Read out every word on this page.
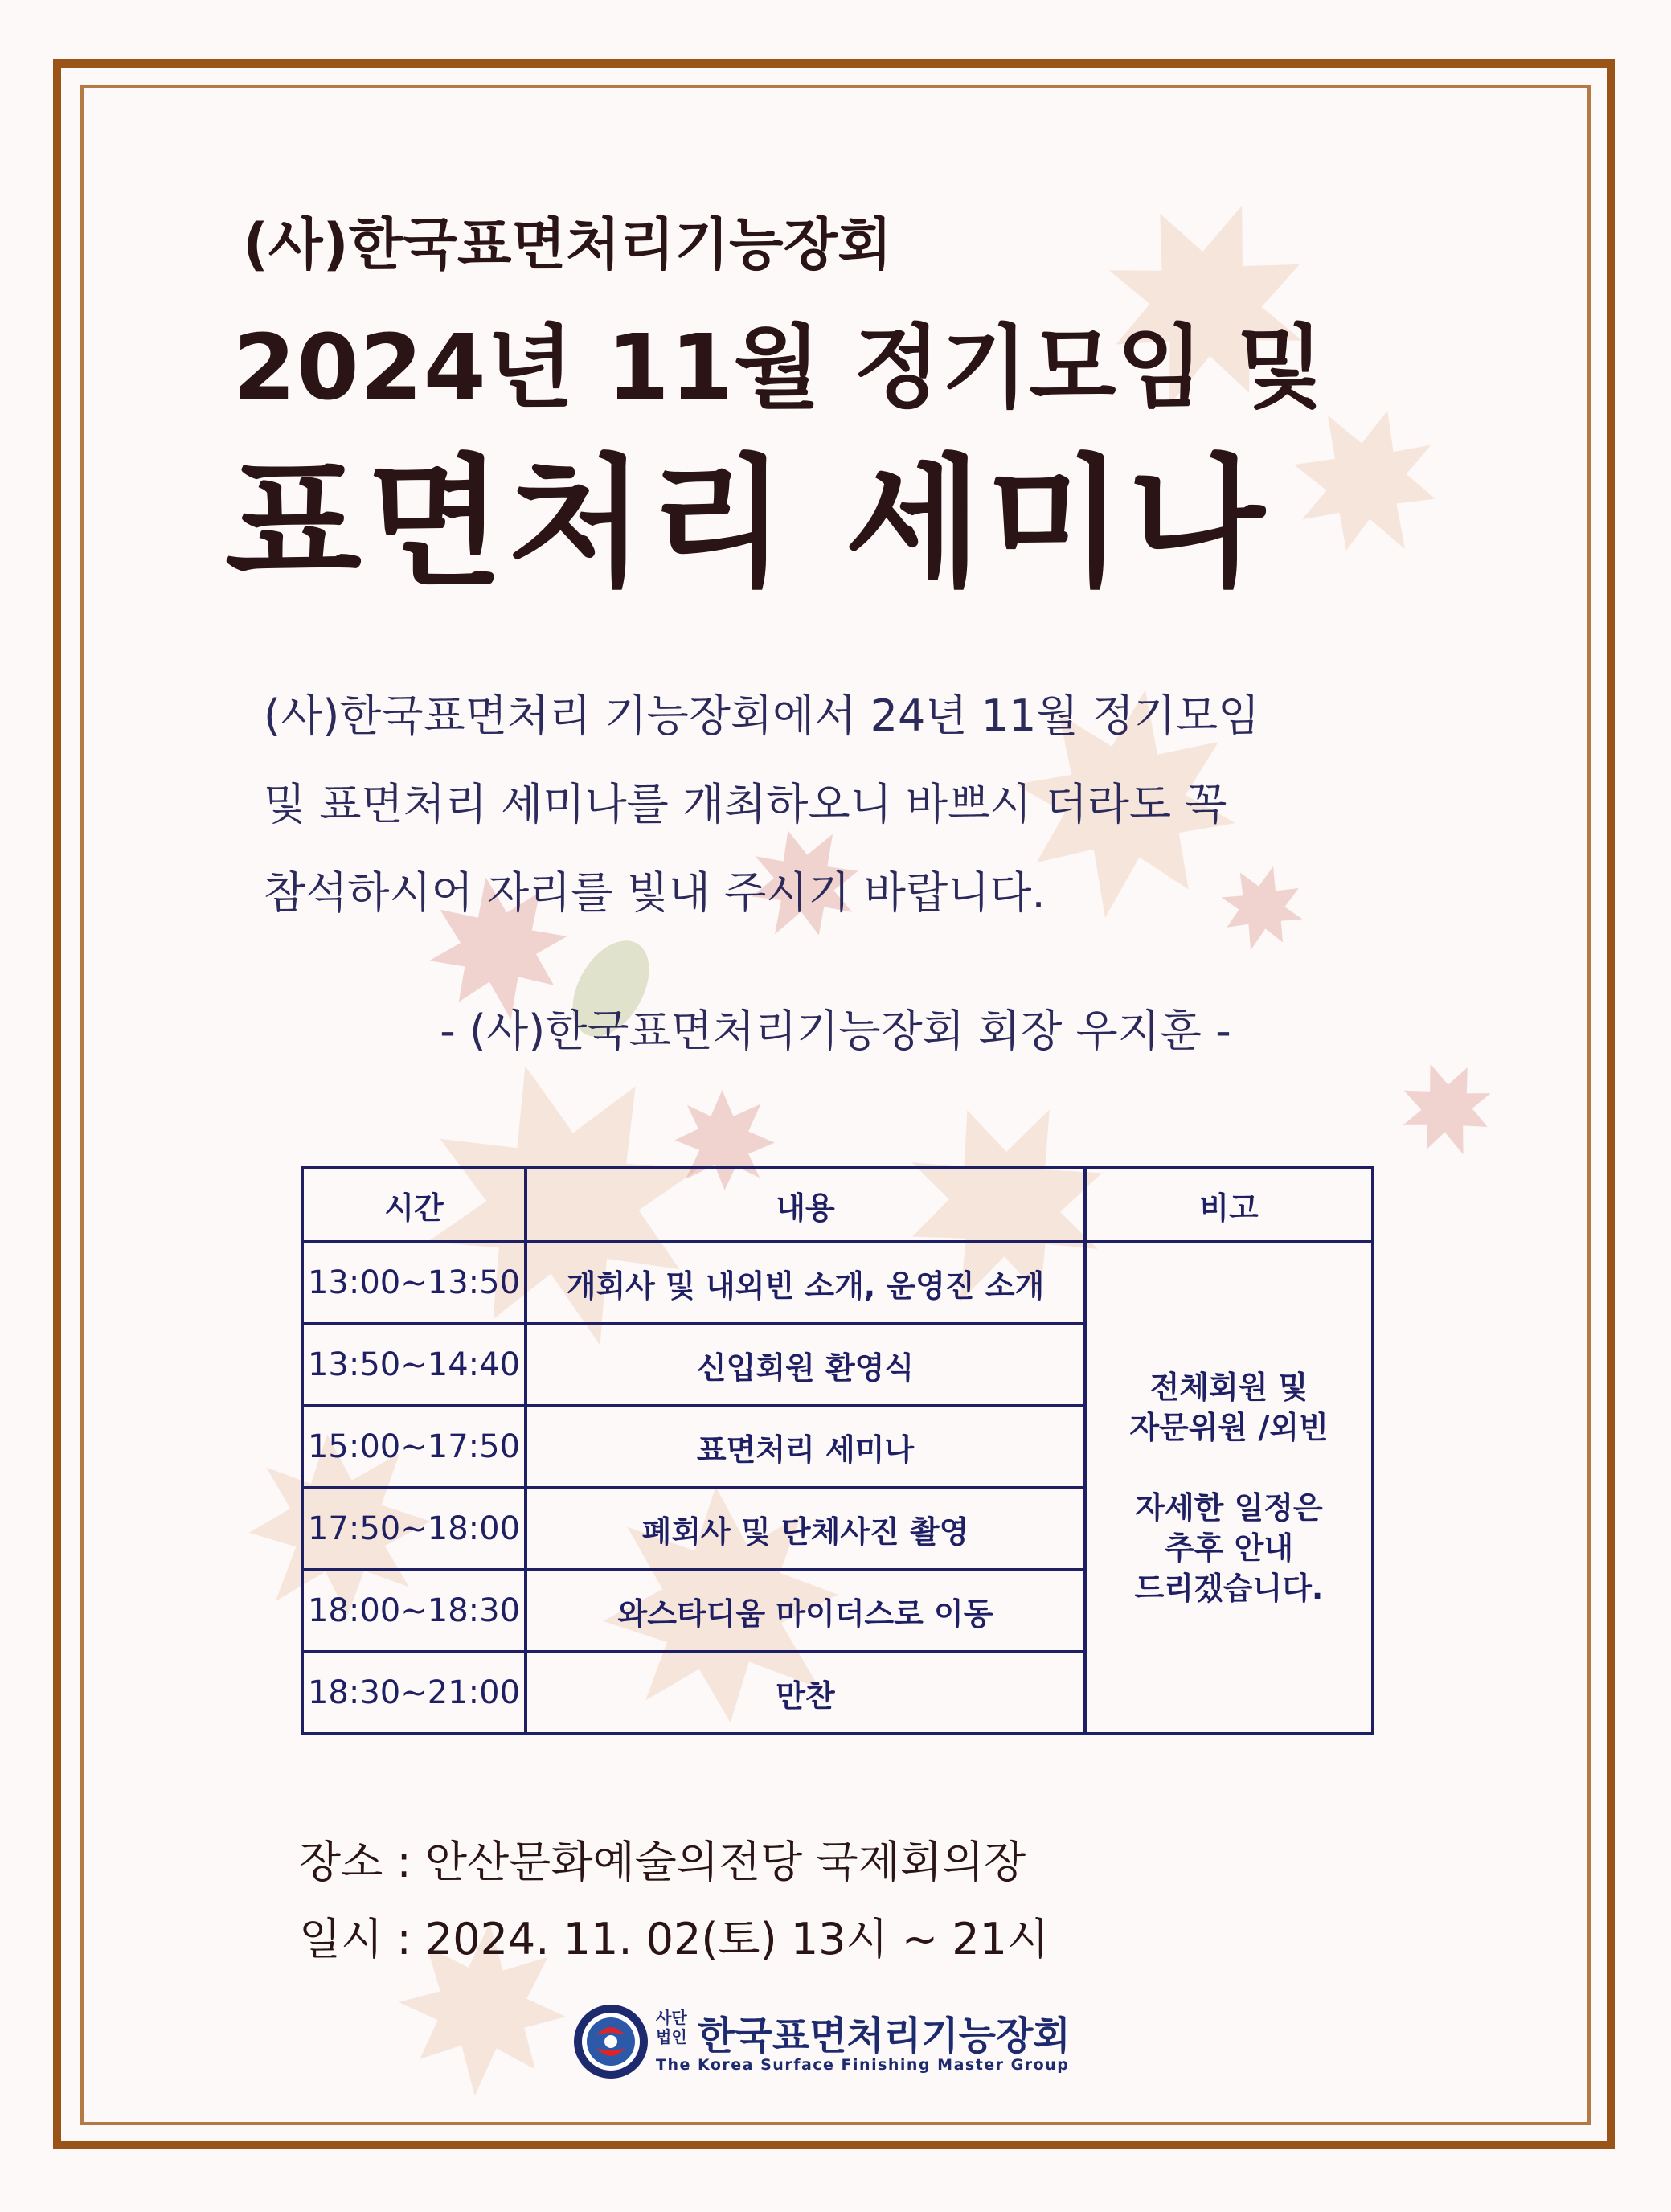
(사)한국표면처리기능장회
2024년 11월 정기모임 및
표면처리 세미나
(사)한국표면처리 기능장회에서 24년 11월 정기모임
및 표면처리 세미나를 개최하오니 바쁘시 더라도 꼭
참석하시어 자리를 빛내 주시기 바랍니다.
- (사)한국표면처리기능장회 회장 우지훈 -
시간	내용	비고
13:00~13:50	개회사 및 내외빈 소개, 운영진 소개	전체회원 및
자문위원 /외빈
자세한 일정은
추후 안내
드리겠습니다.

13:50~14:40	신입회원 환영식	
15:00~17:50	표면처리 세미나	
17:50~18:00	폐회사 및 단체사진 촬영	
18:00~18:30	와스타디움 마이더스로 이동	
18:30~21:00	만찬	
장소 : 안산문화예술의전당 국제회의장
일시 : 2024. 11. 02(토) 13시 ~ 21시
사단
법인 한국표면처리기능장회
The Korea Surface Finishing Master Group
